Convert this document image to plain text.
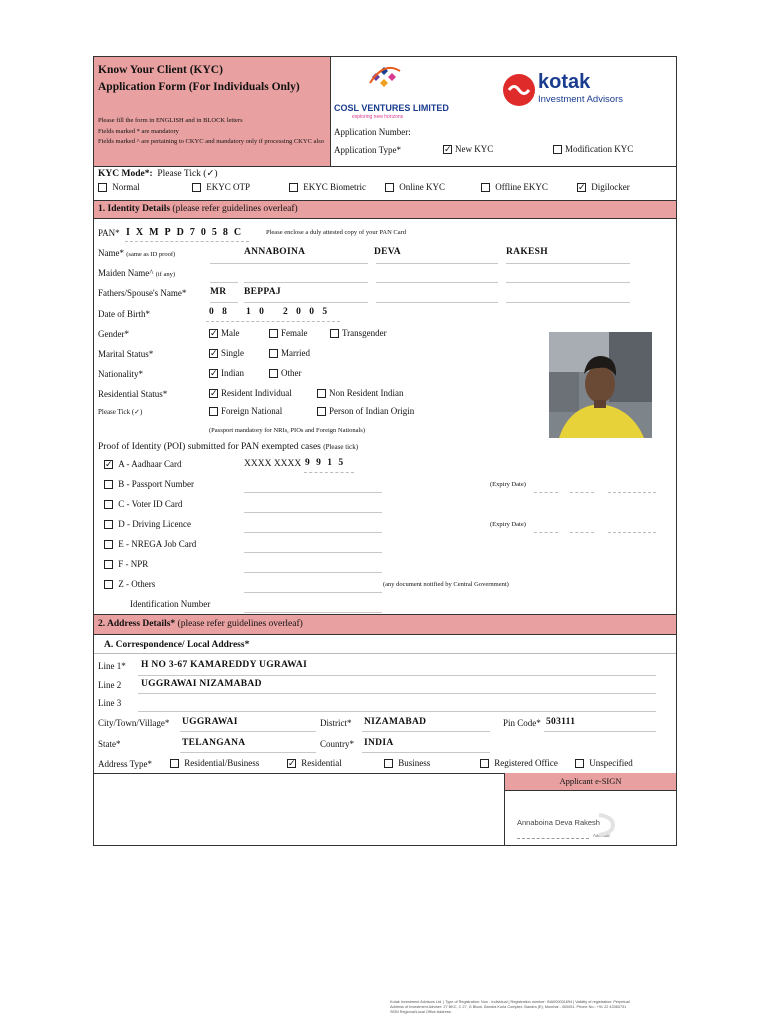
Know Your Client (KYC)
Application Form (For Individuals Only)
Please fill the form in ENGLISH and in BLOCK letters
Fields marked * are mandatory
Fields marked ^ are pertaining to CKYC and mandatory only if processing CKYC also
COSL VENTURES LIMITED
exploring new horizons
kotak
Investment Advisors
Application Number:
Application Type*	✓ New KYC	Modification KYC
KYC Mode*: Please Tick (✓)
Normal	EKYC OTP	EKYC Biometric	Online KYC	Offline EKYC	✓ Digilocker
1. Identity Details (please refer guidelines overleaf)
PAN* IXMPD7058C	Please enclose a duly attested copy of your PAN Card
Name* (same as ID proof)	ANNABOINA	DEVA	RAKESH
Maiden Name^ (if any)
Fathers/Spouse's Name* MR BEPPAJ
Date of Birth*	0 8 1 0 2 0 0 5
Gender*	✓ Male	Female	Transgender
Marital Status*	✓ Single	Married
Nationality*	✓ Indian	Other
Residential Status*
Please Tick (✓)
✓ Resident Individual	Non Resident Indian
Foreign National	Person of Indian Origin
(Passport mandatory for NRIs, PIOs and Foreign Nationals)
Proof of Identity (POI) submitted for PAN exempted cases (Please tick)
✓ A - Aadhaar Card	XXXX XXXX 9 9 1 5
B - Passport Number	(Expiry Date)
C - Voter ID Card
D - Driving Licence	(Expiry Date)
E - NREGA Job Card
F - NPR
Z - Others	(any document notified by Central Government)
Identification Number
2. Address Details* (please refer guidelines overleaf)
A. Correspondence/ Local Address*
Line 1* H NO 3-67 KAMAREDDY UGRAWAI
Line 2 UGGRAWAI NIZAMABAD
Line 3
City/Town/Village* UGGRAWAI	District* NIZAMABAD	Pin Code* 503111
State*	TELANGANA	Country* INDIA
Address Type*	Residential/Business	✓ Residential	Business	Registered Office	Unspecified
Applicant e-SIGN
Annaboina Deva Rakesh
Aadhaar
Kotak Investment Advisors Ltd. | Type of Registration: Non - Individual | Registration number: INA000001694 | Validity of registration: Perpetual
Address of Investment Adviser: 27 BKC, C 27, G Block, Bandra Kurla Complex, Bandra (E), Mumbai - 400051. Phone No.: +91 22 43360731
SEBI Regional/Local Office Address:
